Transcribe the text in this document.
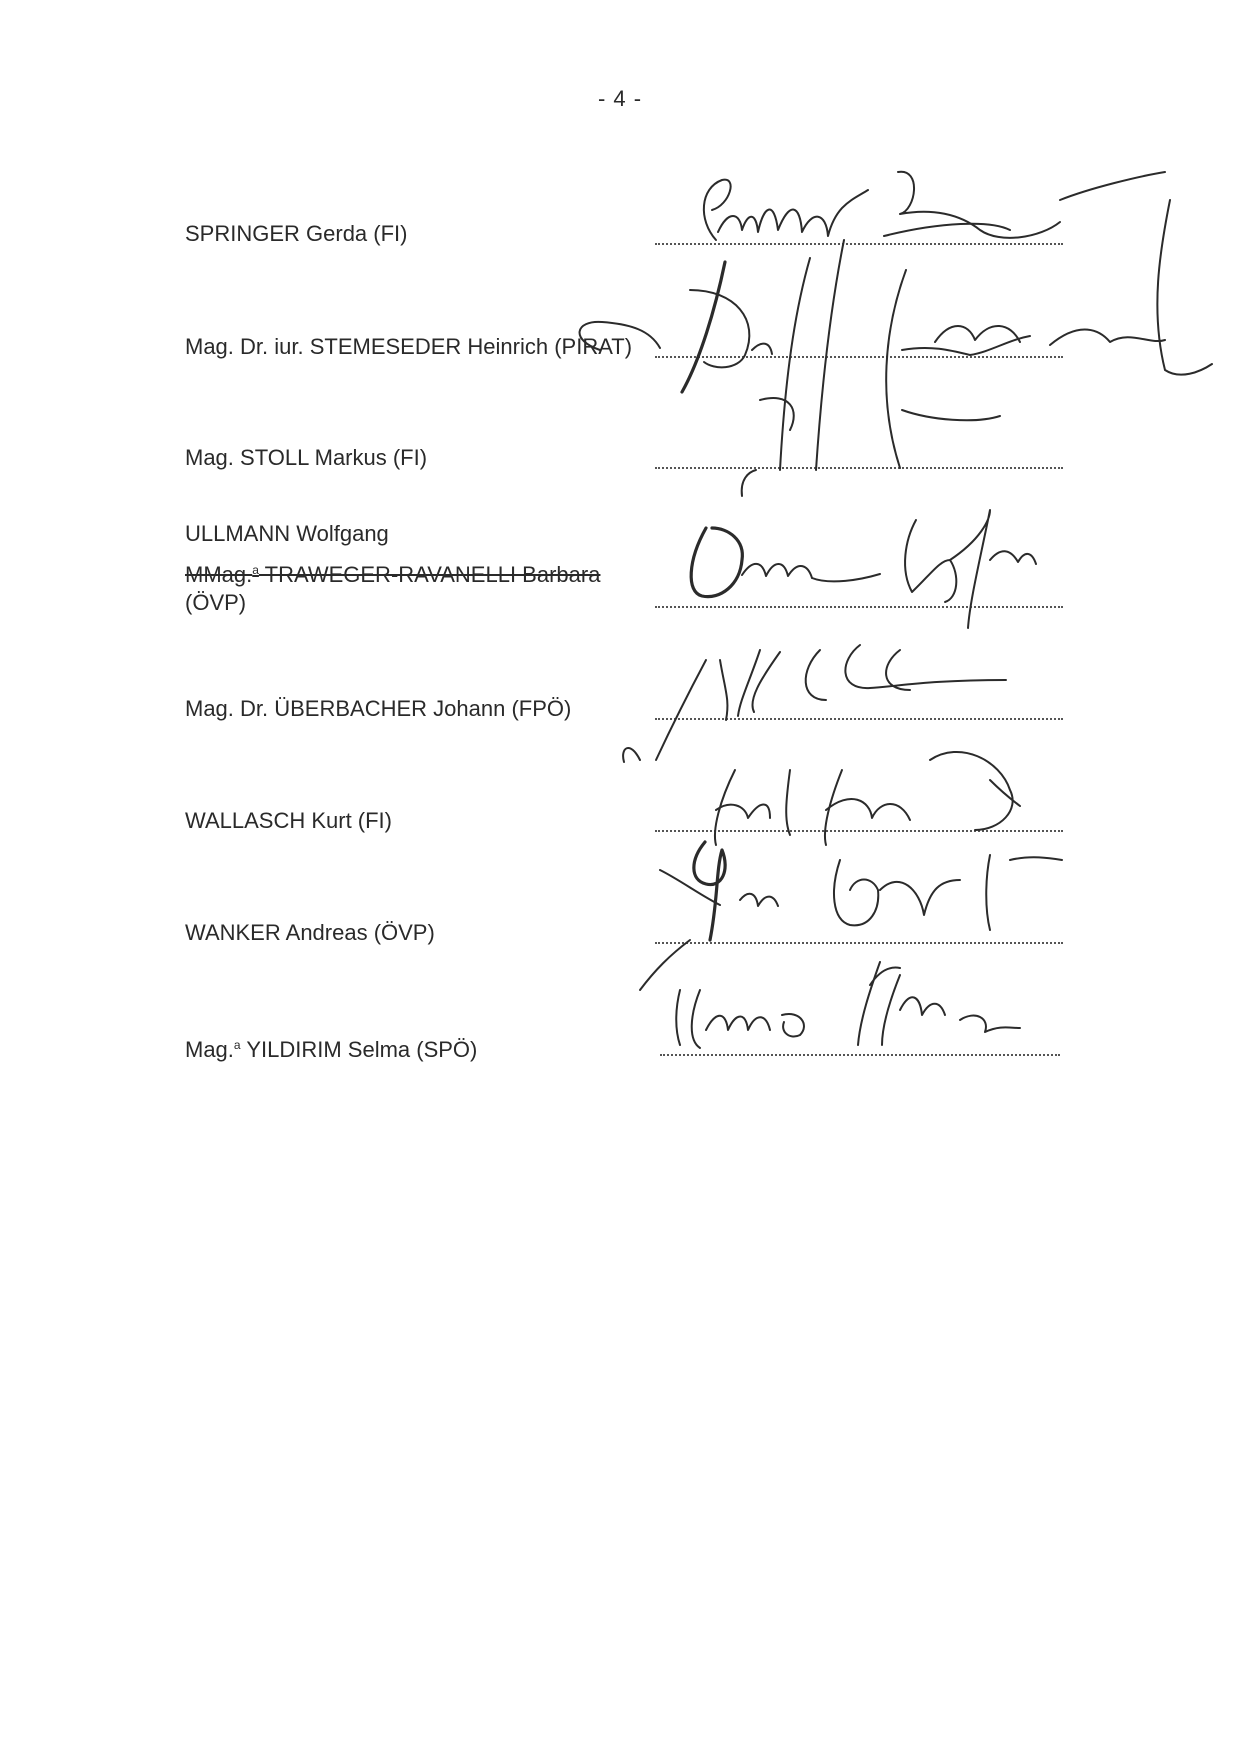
- 4 -
SPRINGER Gerda (FI)
Mag. Dr. iur. STEMESEDER Heinrich (PIRAT)
Mag. STOLL Markus (FI)
ULLMANN Wolfgang
MMag.$^a$ TRAWEGER-RAVANELLI Barbara
(ÖVP)
Mag. Dr. ÜBERBACHER Johann (FPÖ)
WALLASCH Kurt (FI)
WANKER Andreas (ÖVP)
Mag.$^a$ YILDIRIM Selma (SPÖ)
